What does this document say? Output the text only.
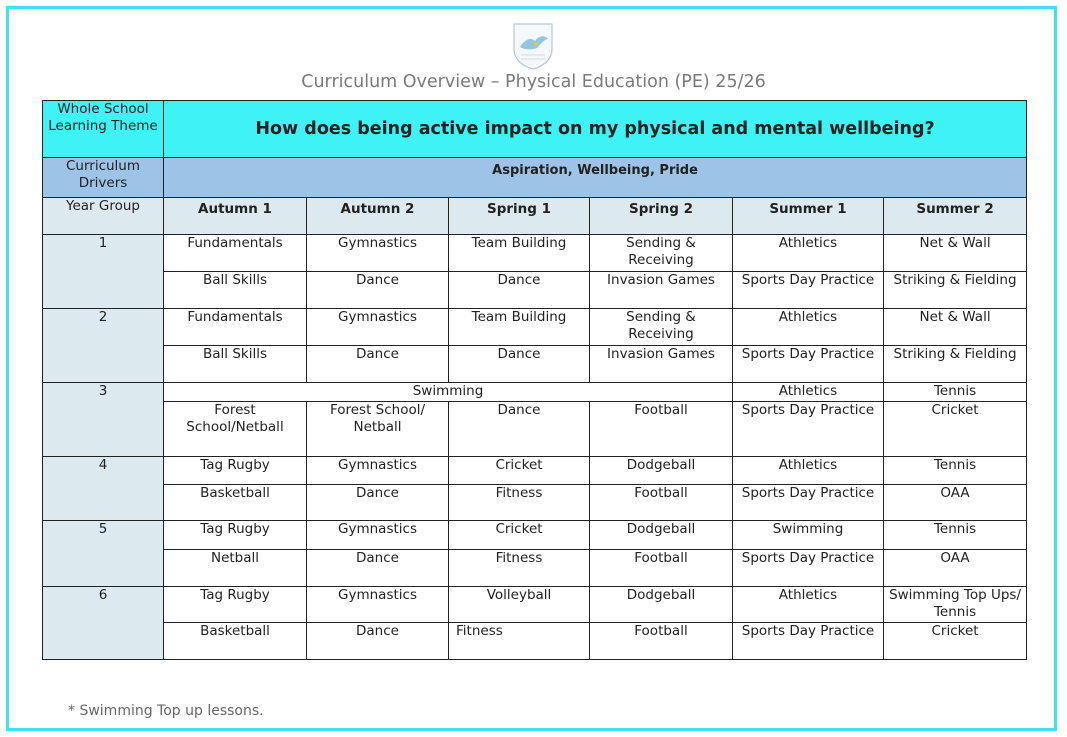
Curriculum Overview – Physical Education (PE) 25/26
Whole School Learning Theme	How does being active impact on my physical and mental wellbeing?					
Curriculum Drivers	Aspiration, Wellbeing, Pride					
Year Group	Autumn 1	Autumn 2	Spring 1	Spring 2	Summer 1	Summer 2
1	Fundamentals	Gymnastics	Team Building	Sending & Receiving	Athletics	Net & Wall
	Ball Skills	Dance	Dance	Invasion Games	Sports Day Practice	Striking & Fielding
2	Fundamentals	Gymnastics	Team Building	Sending & Receiving	Athletics	Net & Wall
	Ball Skills	Dance	Dance	Invasion Games	Sports Day Practice	Striking & Fielding
3	Swimming				Athletics	Tennis
	Forest School/Netball	Forest School/ Netball	Dance	Football	Sports Day Practice	Cricket
4	Tag Rugby	Gymnastics	Cricket	Dodgeball	Athletics	Tennis
	Basketball	Dance	Fitness	Football	Sports Day Practice	OAA
5	Tag Rugby	Gymnastics	Cricket	Dodgeball	Swimming	Tennis
	Netball	Dance	Fitness	Football	Sports Day Practice	OAA
6	Tag Rugby	Gymnastics	Volleyball	Dodgeball	Athletics	Swimming Top Ups/ Tennis
	Basketball	Dance	Fitness	Football	Sports Day Practice	Cricket
* Swimming Top up lessons.
